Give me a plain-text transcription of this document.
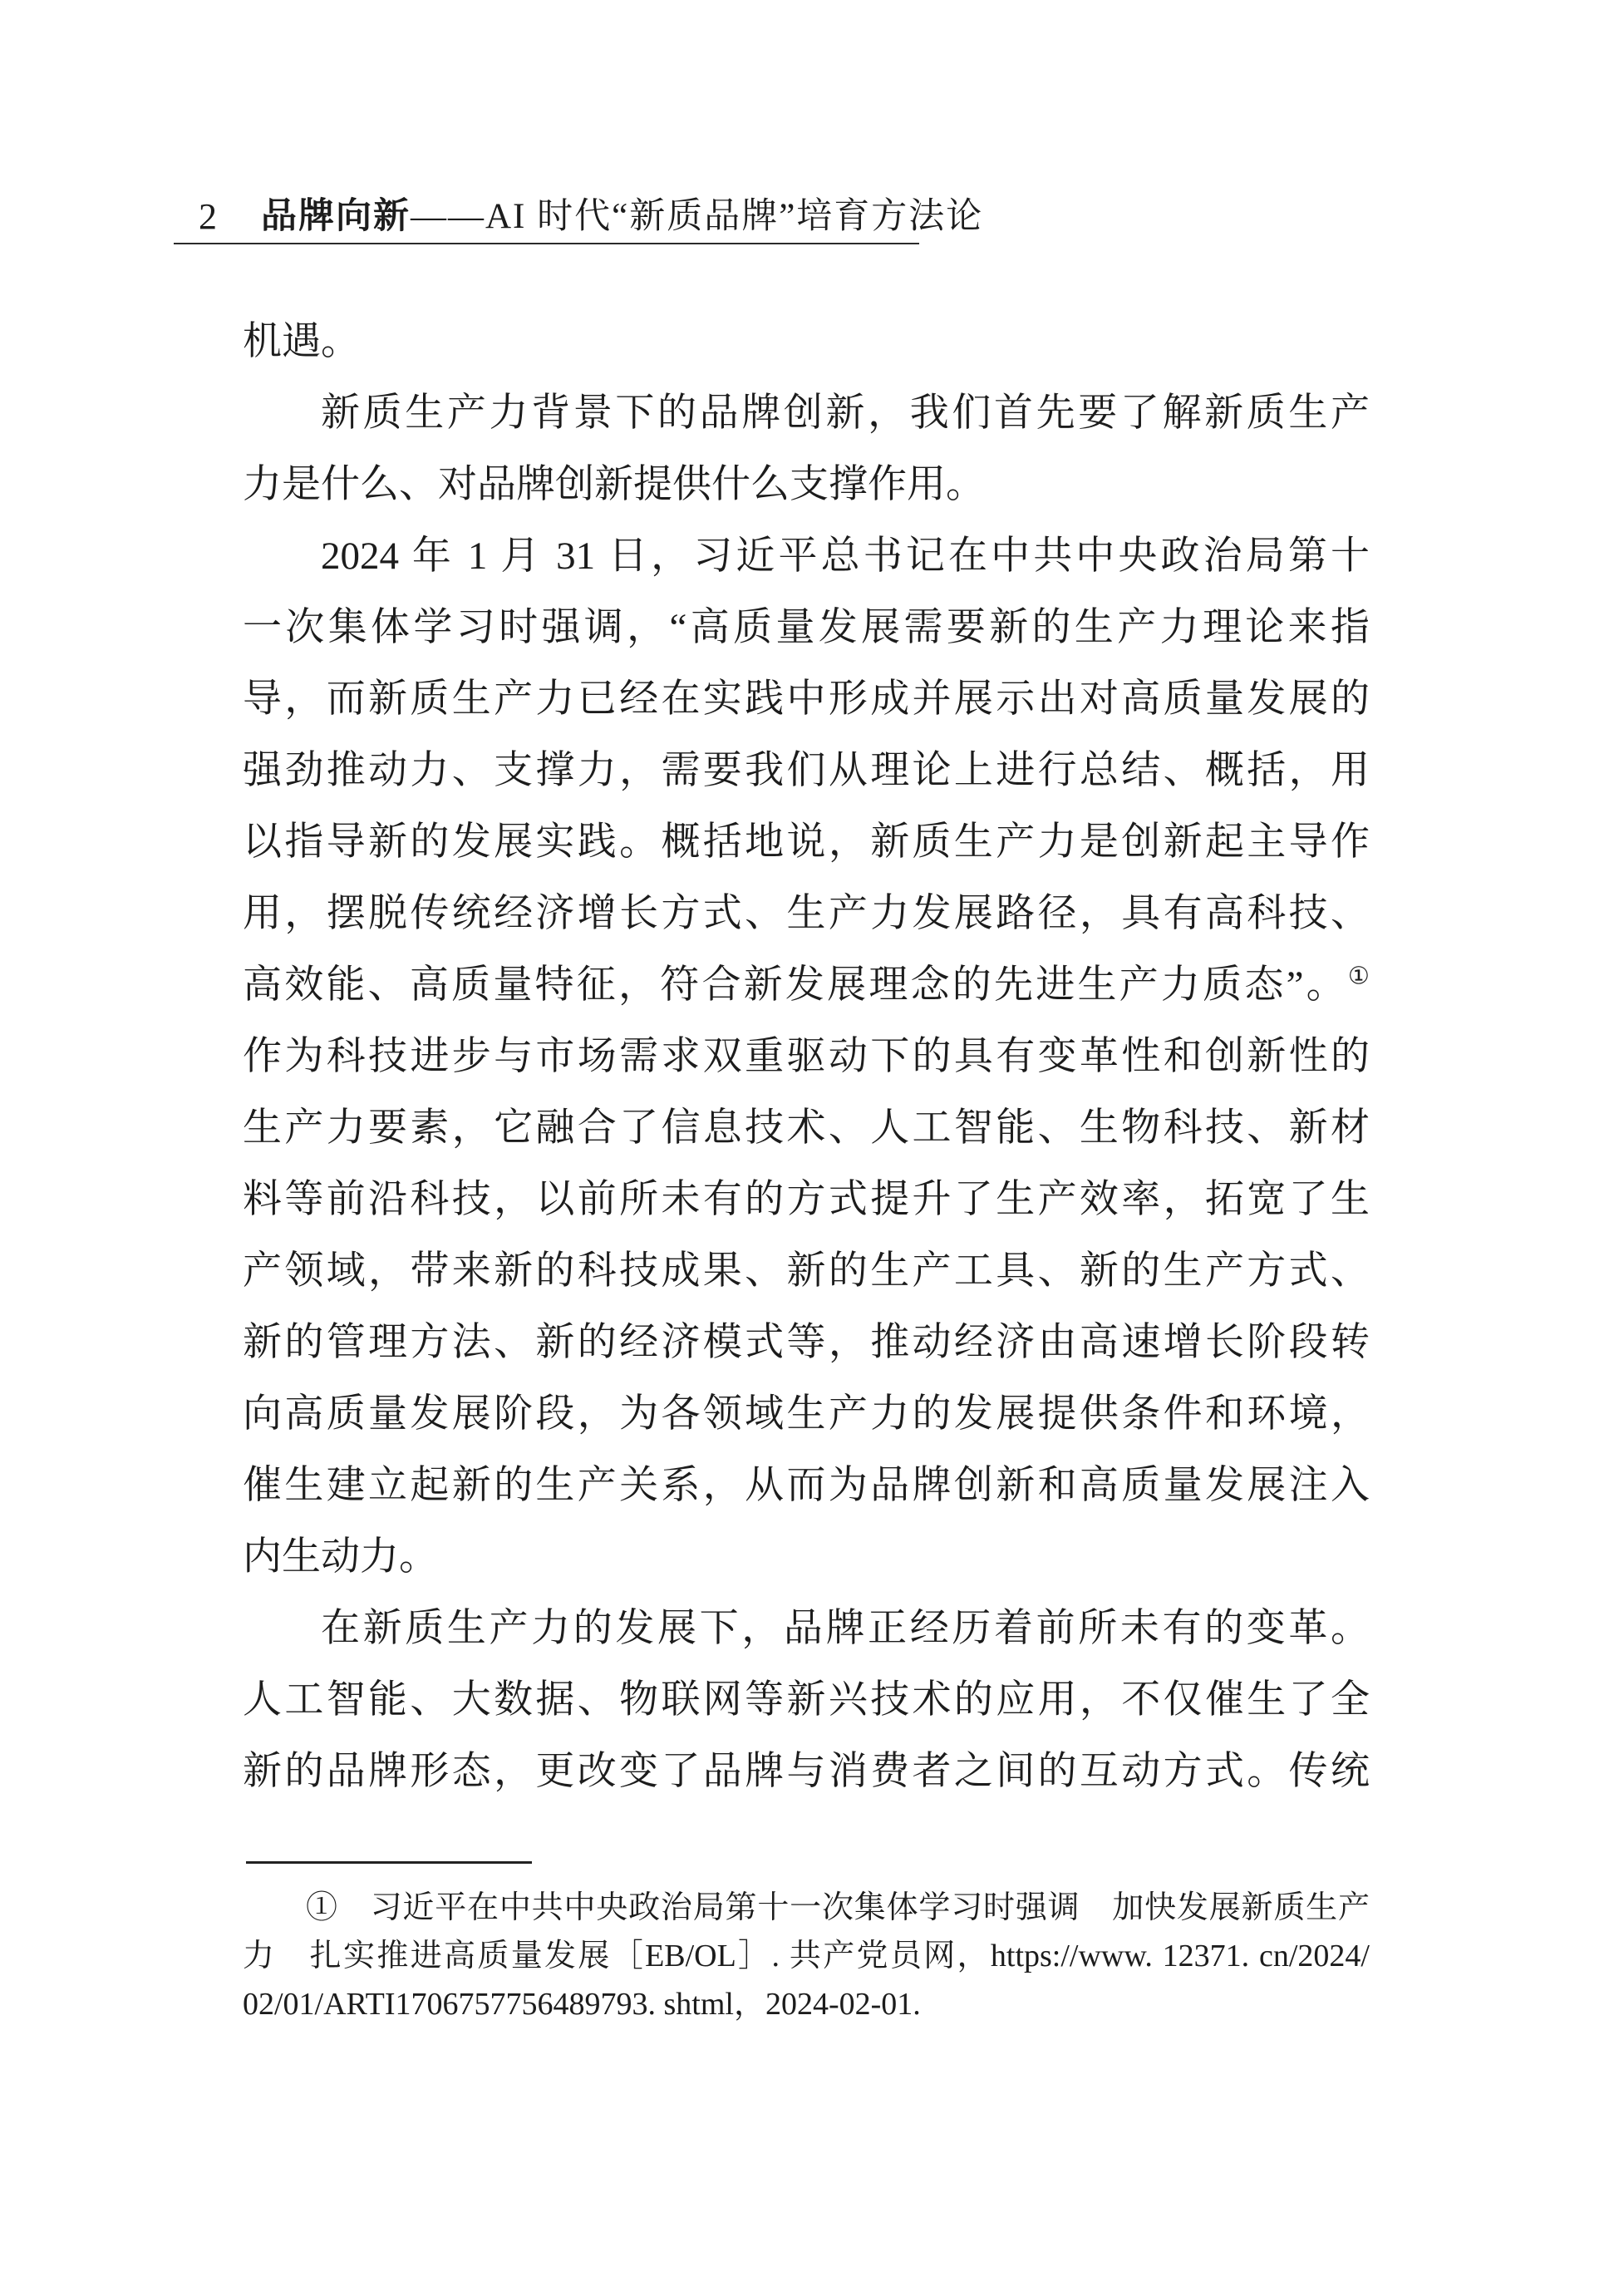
2 品牌向新——AI 时代“新质品牌”培育方法论
机遇。
新质生产力背景下的品牌创新，我们首先要了解新质生产
力是什么、对品牌创新提供什么支撑作用。
2024 年 1 月 31 日，习近平总书记在中共中央政治局第十
一次集体学习时强调，“高质量发展需要新的生产力理论来指
导，而新质生产力已经在实践中形成并展示出对高质量发展的
强劲推动力、支撑力，需要我们从理论上进行总结、概括，用
以指导新的发展实践。概括地说，新质生产力是创新起主导作
用，摆脱传统经济增长方式、生产力发展路径，具有高科技、
高效能、高质量特征，符合新发展理念的先进生产力质态”。①
作为科技进步与市场需求双重驱动下的具有变革性和创新性的
生产力要素，它融合了信息技术、人工智能、生物科技、新材
料等前沿科技，以前所未有的方式提升了生产效率，拓宽了生
产领域，带来新的科技成果、新的生产工具、新的生产方式、
新的管理方法、新的经济模式等，推动经济由高速增长阶段转
向高质量发展阶段，为各领域生产力的发展提供条件和环境，
催生建立起新的生产关系，从而为品牌创新和高质量发展注入
内生动力。
在新质生产力的发展下，品牌正经历着前所未有的变革。
人工智能、大数据、物联网等新兴技术的应用，不仅催生了全
新的品牌形态，更改变了品牌与消费者之间的互动方式。传统
①　习近平在中共中央政治局第十一次集体学习时强调　加快发展新质生产
力　扎实推进高质量发展［EB/OL］. 共产党员网，https://www. 12371. cn/2024/
02/01/ARTI1706757756489793. shtml，2024-02-01.
